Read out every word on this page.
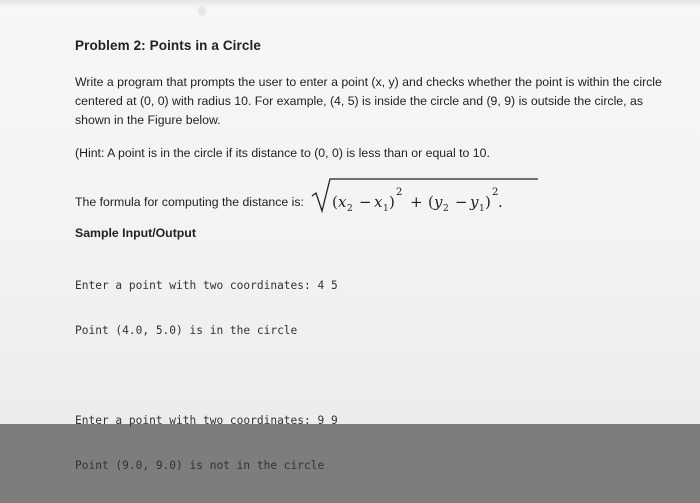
Problem 2: Points in a Circle
Write a program that prompts the user to enter a point (x, y) and checks whether the point is within the circle centered at (0, 0) with radius 10. For example, (4, 5) is inside the circle and (9, 9) is outside the circle, as shown in the Figure below.
(Hint: A point is in the circle if its distance to (0, 0) is less than or equal to 10.
The formula for computing the distance is: ( x 2 − x 1 )
2
+ ( y 2 − y 1 )
2
.
Sample Input/Output

Enter a point with two coordinates: 4 5

Point (4.0, 5.0) is in the circle

Enter a point with two coordinates: 9 9

Point (9.0, 9.0) is not in the circle
